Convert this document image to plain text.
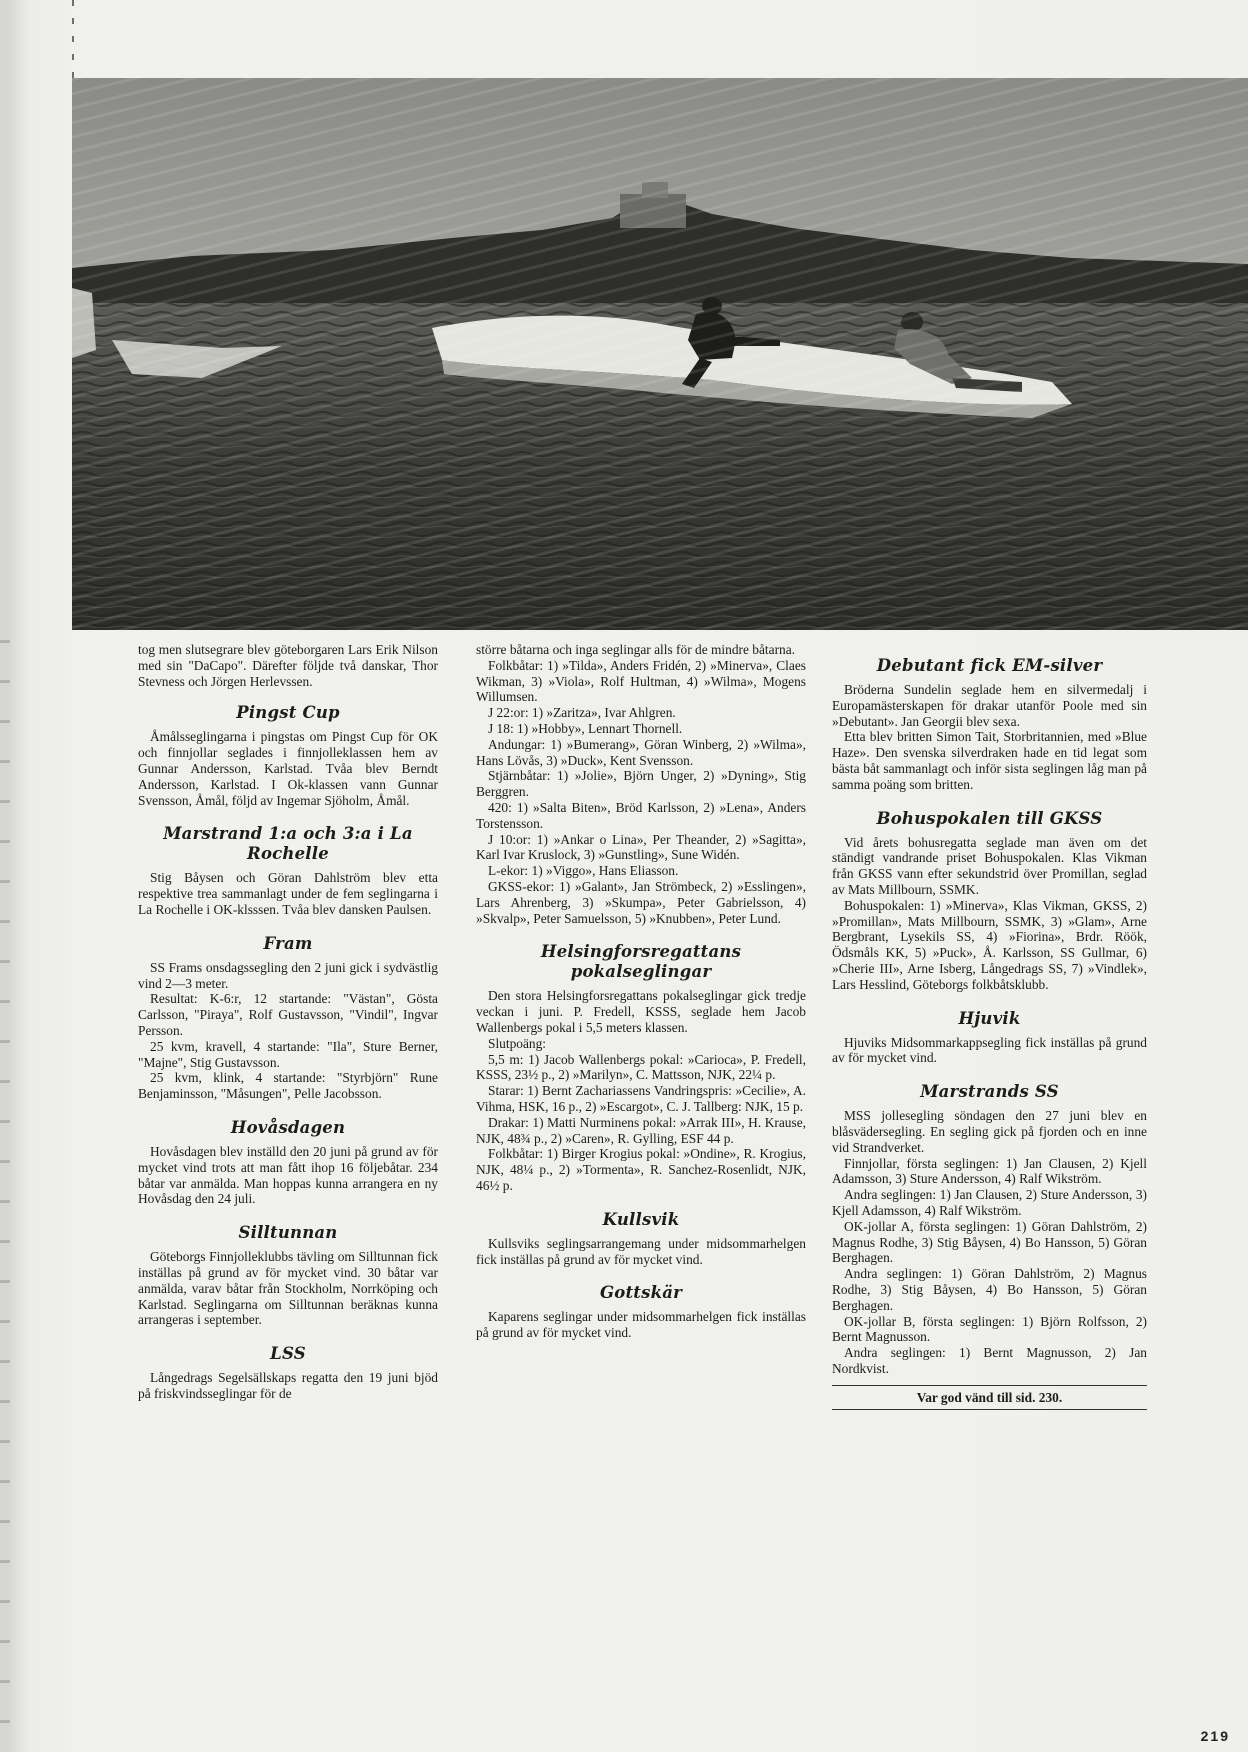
tog men slutsegrare blev göteborgaren Lars Erik Nilson med sin "DaCapo". Därefter följde två danskar, Thor Stevness och Jörgen Herlevssen.

Pingst Cup

Åmålsseglingarna i pingstas om Pingst Cup för OK och finnjollar seglades i finnjolleklassen hem av Gunnar Andersson, Karlstad. Tvåa blev Berndt Andersson, Karlstad. I Ok-klassen vann Gunnar Svensson, Åmål, följd av Ingemar Sjöholm, Åmål.

Marstrand 1:a och 3:a i La Rochelle

Stig Båysen och Göran Dahlström blev etta respektive trea sammanlagt under de fem seglingarna i La Rochelle i OK-klsssen. Tvåa blev dansken Paulsen.

Fram

SS Frams onsdagssegling den 2 juni gick i sydvästlig vind 2—3 meter.

Resultat: K-6:r, 12 startande: "Västan", Gösta Carlsson, "Piraya", Rolf Gustavsson, "Vindil", Ingvar Persson.

25 kvm, kravell, 4 startande: "Ila", Sture Berner, "Majne", Stig Gustavsson.

25 kvm, klink, 4 startande: "Styrbjörn" Rune Benjaminsson, "Måsungen", Pelle Jacobsson.

Hovåsdagen

Hovåsdagen blev inställd den 20 juni på grund av för mycket vind trots att man fått ihop 16 följebåtar. 234 båtar var anmälda. Man hoppas kunna arrangera en ny Hovåsdag den 24 juli.

Silltunnan

Göteborgs Finnjolleklubbs tävling om Silltunnan fick inställas på grund av för mycket vind. 30 båtar var anmälda, varav båtar från Stockholm, Norrköping och Karlstad. Seglingarna om Silltunnan beräknas kunna arrangeras i september.

LSS

Långedrags Segelsällskaps regatta den 19 juni bjöd på friskvindsseglingar för de

större båtarna och inga seglingar alls för de mindre båtarna.

Folkbåtar: 1) »Tilda», Anders Fridén, 2) »Minerva», Claes Wikman, 3) »Viola», Rolf Hultman, 4) »Wilma», Mogens Willumsen.

J 22:or: 1) »Zaritza», Ivar Ahlgren.

J 18: 1) »Hobby», Lennart Thornell.

Andungar: 1) »Bumerang», Göran Winberg, 2) »Wilma», Hans Lövås, 3) »Duck», Kent Svensson.

Stjärnbåtar: 1) »Jolie», Björn Unger, 2) »Dyning», Stig Berggren.

420: 1) »Salta Biten», Bröd Karlsson, 2) »Lena», Anders Torstensson.

J 10:or: 1) »Ankar o Lina», Per Theander, 2) »Sagitta», Karl Ivar Kruslock, 3) »Gunstling», Sune Widén.

L-ekor: 1) »Viggo», Hans Eliasson.

GKSS-ekor: 1) »Galant», Jan Strömbeck, 2) »Esslingen», Lars Ahrenberg, 3) »Skumpa», Peter Gabrielsson, 4) »Skvalp», Peter Samuelsson, 5) »Knubben», Peter Lund.

Helsingforsregattans pokalseglingar

Den stora Helsingforsregattans pokalseglingar gick tredje veckan i juni. P. Fredell, KSSS, seglade hem Jacob Wallenbergs pokal i 5,5 meters klassen.

Slutpoäng:

5,5 m: 1) Jacob Wallenbergs pokal: »Carioca», P. Fredell, KSSS, 23½ p., 2) »Marilyn», C. Mattsson, NJK, 22¼ p.

Starar: 1) Bernt Zachariassens Vandringspris: »Cecilie», A. Vihma, HSK, 16 p., 2) »Escargot», C. J. Tallberg: NJK, 15 p.

Drakar: 1) Matti Nurminens pokal: »Arrak III», H. Krause, NJK, 48¾ p., 2) »Caren», R. Gylling, ESF 44 p.

Folkbåtar: 1) Birger Krogius pokal: »Ondine», R. Krogius, NJK, 48¼ p., 2) »Tormenta», R. Sanchez-Rosenlidt, NJK, 46½ p.

Kullsvik

Kullsviks seglingsarrangemang under midsommarhelgen fick inställas på grund av för mycket vind.

Gottskär

Kaparens seglingar under midsommarhelgen fick inställas på grund av för mycket vind.

Debutant fick EM-silver

Bröderna Sundelin seglade hem en silvermedalj i Europamästerskapen för drakar utanför Poole med sin »Debutant». Jan Georgii blev sexa.

Etta blev britten Simon Tait, Storbritannien, med »Blue Haze». Den svenska silverdraken hade en tid legat som bästa båt sammanlagt och inför sista seglingen låg man på samma poäng som britten.

Bohuspokalen till GKSS

Vid årets bohusregatta seglade man även om det ständigt vandrande priset Bohuspokalen. Klas Vikman från GKSS vann efter sekundstrid över Promillan, seglad av Mats Millbourn, SSMK.

Bohuspokalen: 1) »Minerva», Klas Vikman, GKSS, 2) »Promillan», Mats Millbourn, SSMK, 3) »Glam», Arne Bergbrant, Lysekils SS, 4) »Fiorina», Brdr. Röök, Ödsmåls KK, 5) »Puck», Å. Karlsson, SS Gullmar, 6) »Cherie III», Arne Isberg, Långedrags SS, 7) »Vindlek», Lars Hesslind, Göteborgs folkbåtsklubb.

Hjuvik

Hjuviks Midsommarkappsegling fick inställas på grund av för mycket vind.

Marstrands SS

MSS jollesegling söndagen den 27 juni blev en blåsvädersegling. En segling gick på fjorden och en inne vid Strandverket.

Finnjollar, första seglingen: 1) Jan Clausen, 2) Kjell Adamsson, 3) Sture Andersson, 4) Ralf Wikström.

Andra seglingen: 1) Jan Clausen, 2) Sture Andersson, 3) Kjell Adamsson, 4) Ralf Wikström.

OK-jollar A, första seglingen: 1) Göran Dahlström, 2) Magnus Rodhe, 3) Stig Båysen, 4) Bo Hansson, 5) Göran Berghagen.

Andra seglingen: 1) Göran Dahlström, 2) Magnus Rodhe, 3) Stig Båysen, 4) Bo Hansson, 5) Göran Berghagen.

OK-jollar B, första seglingen: 1) Björn Rolfsson, 2) Bernt Magnusson.

Andra seglingen: 1) Bernt Magnusson, 2) Jan Nordkvist.

Var god vänd till sid. 230.
219
